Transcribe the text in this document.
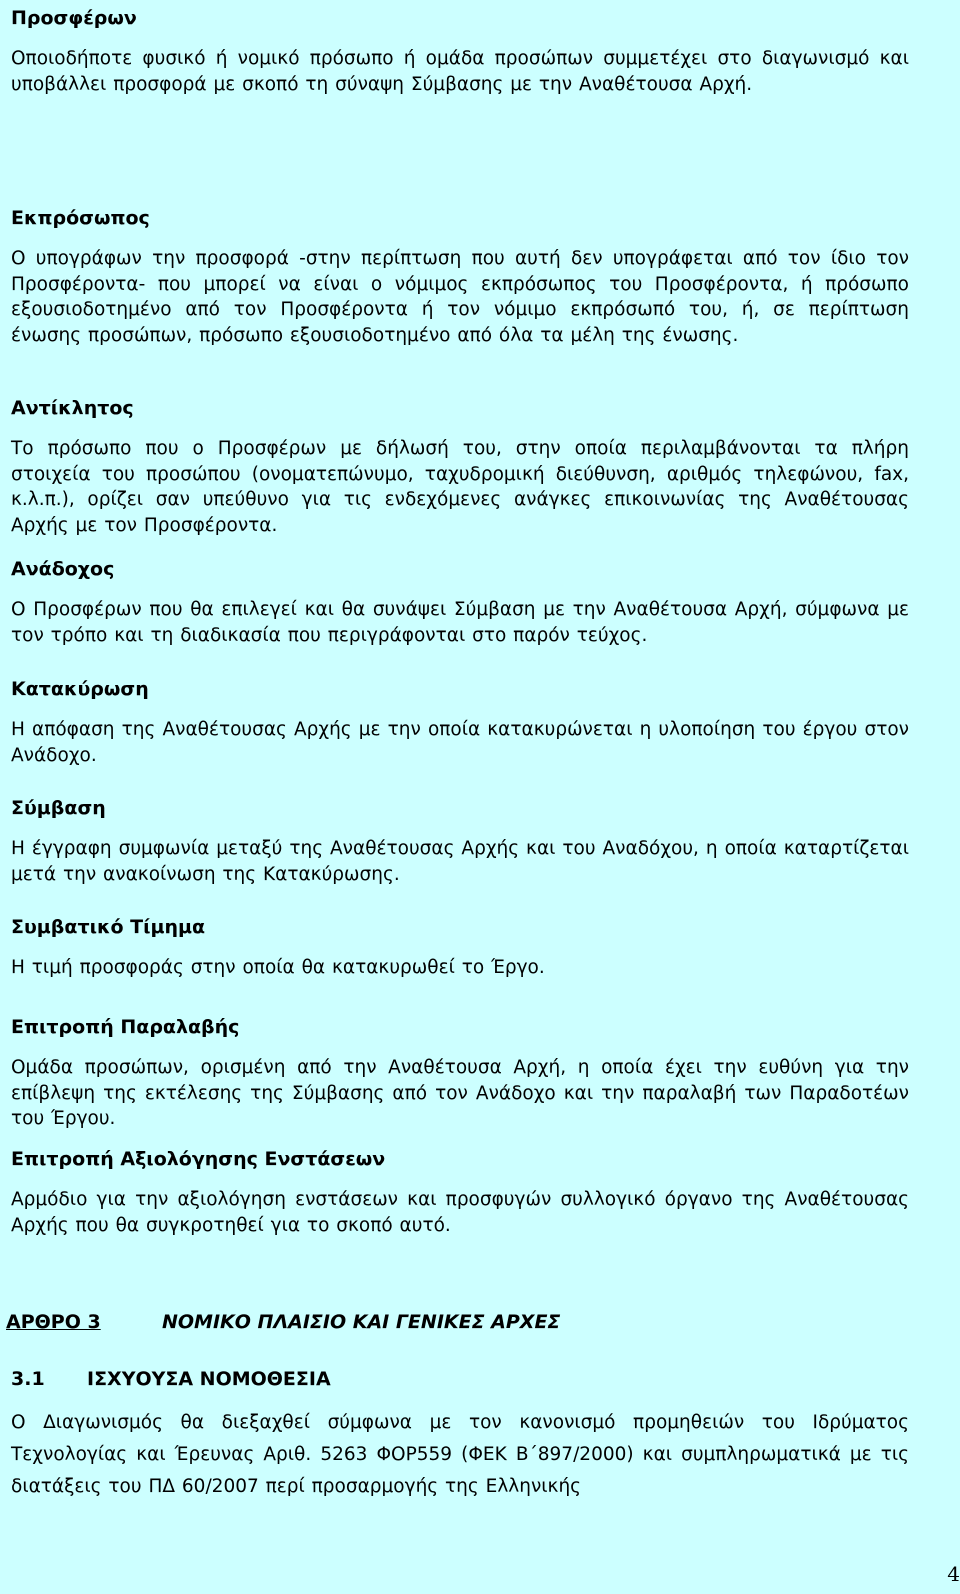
Προσφέρων

Οποιοδήποτε φυσικό ή νομικό πρόσωπο ή ομάδα προσώπων συμμετέχει στο διαγωνισμό και υποβάλλει προσφορά με σκοπό τη σύναψη Σύμβασης με την Αναθέτουσα Αρχή.

Εκπρόσωπος

Ο υπογράφων την προσφορά -στην περίπτωση που αυτή δεν υπογράφεται από τον ίδιο τον Προσφέροντα- που μπορεί να είναι ο νόμιμος εκπρόσωπος του Προσφέροντα, ή πρόσωπο εξουσιοδοτημένο από τον Προσφέροντα ή τον νόμιμο εκπρόσωπό του, ή, σε περίπτωση ένωσης προσώπων, πρόσωπο εξουσιοδοτημένο από όλα τα μέλη της ένωσης.

Αντίκλητος

Το πρόσωπο που ο Προσφέρων με δήλωσή του, στην οποία περιλαμβάνονται τα πλήρη στοιχεία του προσώπου (ονοματεπώνυμο, ταχυδρομική διεύθυνση, αριθμός τηλεφώνου, fax, κ.λ.π.), ορίζει σαν υπεύθυνο για τις ενδεχόμενες ανάγκες επικοινωνίας της Αναθέτουσας Αρχής με τον Προσφέροντα.

Ανάδοχος

Ο Προσφέρων που θα επιλεγεί και θα συνάψει Σύμβαση με την Αναθέτουσα Αρχή, σύμφωνα με τον τρόπο και τη διαδικασία που περιγράφονται στο παρόν τεύχος.

Κατακύρωση

Η απόφαση της Αναθέτουσας Αρχής με την οποία κατακυρώνεται η υλοποίηση του έργου στον Ανάδοχο.

Σύμβαση

Η έγγραφη συμφωνία μεταξύ της Αναθέτουσας Αρχής και του Αναδόχου, η οποία καταρτίζεται μετά την ανακοίνωση της Κατακύρωσης.

Συμβατικό Τίμημα

Η τιμή προσφοράς στην οποία θα κατακυρωθεί το Έργο.

Επιτροπή Παραλαβής

Ομάδα προσώπων, ορισμένη από την Αναθέτουσα Αρχή, η οποία έχει την ευθύνη για την επίβλεψη της εκτέλεσης της Σύμβασης από τον Ανάδοχο και την παραλαβή των Παραδοτέων του Έργου.

Επιτροπή Αξιολόγησης Ενστάσεων

Αρμόδιο για την αξιολόγηση ενστάσεων και προσφυγών συλλογικό όργανο της Αναθέτουσας Αρχής που θα συγκροτηθεί για το σκοπό αυτό.

ΑΡΘΡΟ 3	ΝΟΜΙΚΟ ΠΛΑΙΣΙΟ ΚΑΙ ΓΕΝΙΚΕΣ ΑΡΧΕΣ
3.1 ΙΣΧΥΟΥΣΑ ΝΟΜΟΘΕΣΙΑ

Ο Διαγωνισμός θα διεξαχθεί σύμφωνα με τον κανονισμό προμηθειών του Ιδρύματος Τεχνολογίας και Έρευνας Αριθ. 5263 ΦΟΡ559 (ΦΕΚ Β΄897/2000) και συμπληρωματικά με τις διατάξεις του ΠΔ 60/2007 περί προσαρμογής της Ελληνικής

4
